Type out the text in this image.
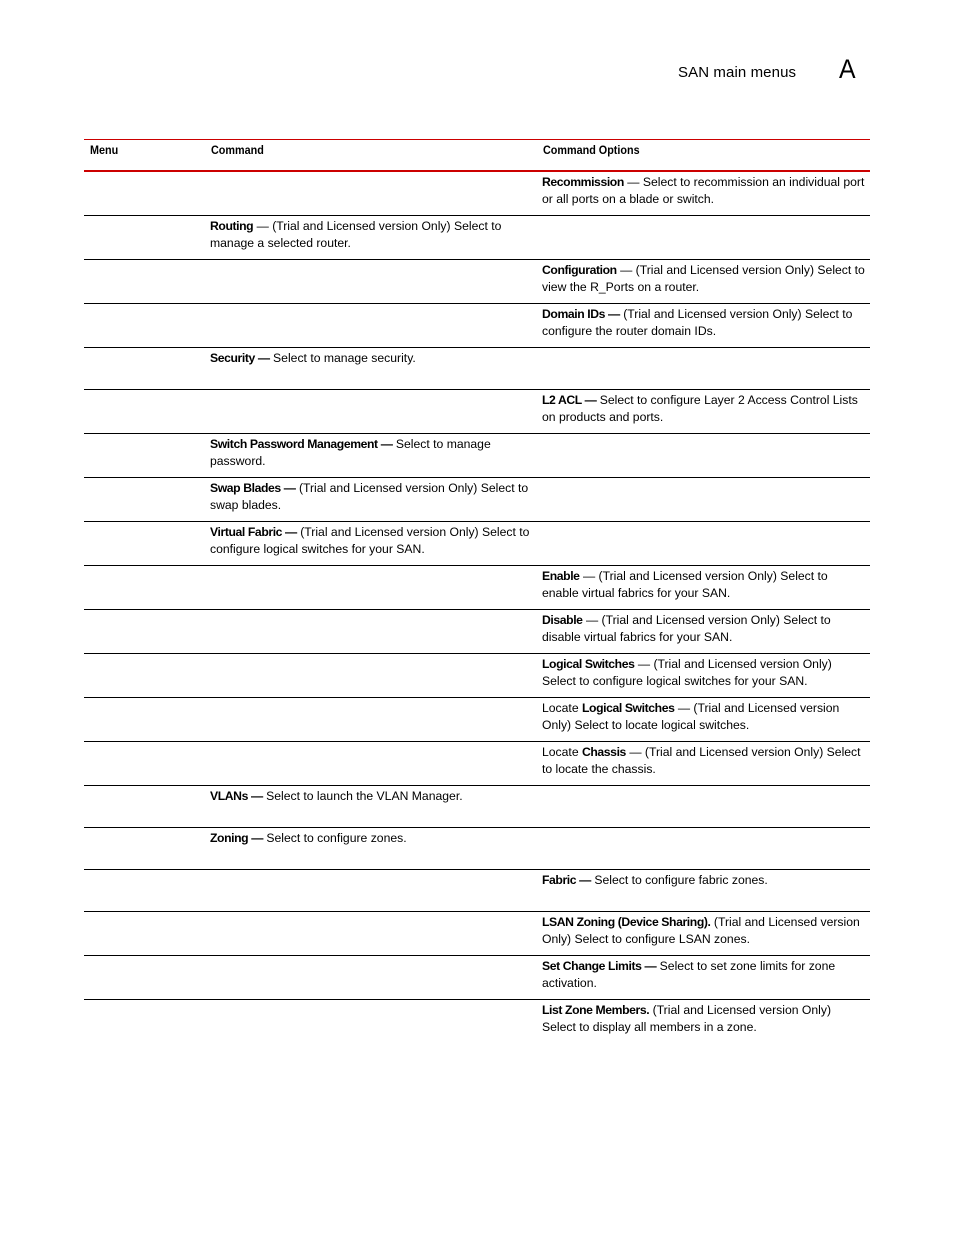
SAN main menus A
Menu	Command	Command Options
		Recommission — Select to recommission an individual port or all ports on a blade or switch.
	Routing — (Trial and Licensed version Only) Select to manage a selected router.	
		Configuration — (Trial and Licensed version Only) Select to view the R_Ports on a router.
		Domain IDs — (Trial and Licensed version Only) Select to configure the router domain IDs.
	Security — Select to manage security.	
		L2 ACL — Select to configure Layer 2 Access Control Lists on products and ports.
	Switch Password Management — Select to manage password.	
	Swap Blades — (Trial and Licensed version Only) Select to swap blades.	
	Virtual Fabric — (Trial and Licensed version Only) Select to configure logical switches for your SAN.	
		Enable — (Trial and Licensed version Only) Select to enable virtual fabrics for your SAN.
		Disable — (Trial and Licensed version Only) Select to disable virtual fabrics for your SAN.
		Logical Switches — (Trial and Licensed version Only) Select to configure logical switches for your SAN.
		Locate Logical Switches — (Trial and Licensed version Only) Select to locate logical switches.
		Locate Chassis — (Trial and Licensed version Only) Select to locate the chassis.
	VLANs — Select to launch the VLAN Manager.	
	Zoning — Select to configure zones.	
		Fabric — Select to configure fabric zones.
		LSAN Zoning (Device Sharing). (Trial and Licensed version Only) Select to configure LSAN zones.
		Set Change Limits — Select to set zone limits for zone activation.
		List Zone Members. (Trial and Licensed version Only) Select to display all members in a zone.
